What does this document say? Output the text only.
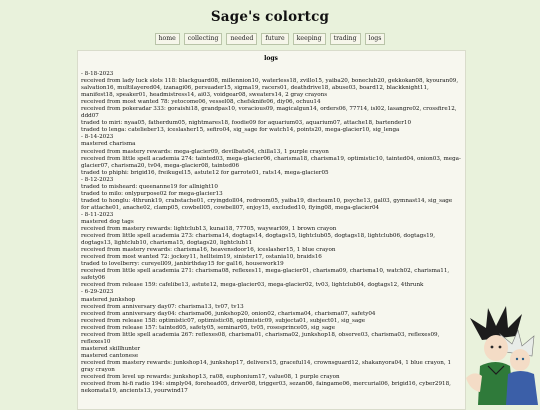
Sage's colortcg
home collecting needed future keeping trading logs
logs
- 8-18-2023
received from lady luck slots 118: blackguard08, millennion10, waterless18, zvillo15, yaiba20, boneclub20, gekkokan08, kyouran09, salvation16, multilayered04, izanagi06, persuader15, sigma19, racers01, deathdrive18, abuse03, board12, blackknight11, manifest18, speaker01, headmistress14, ai03, voidgear08, sweaters14, 2 gray crayons
received from most wanted 78: yetocome06, vessel08, chefsknife06, diy06, ochuu14
received from pokeradar 333: goraishi18, grandpas10, voracious09, magicalgun14, orders06, 77714, isl02, lasangre02, crossfire12, ddd07
traded to miri: nyaa05, fatherdum05, nightmares18, foodie09 for aquarium03, aquarium07, attache18, bartender10
traded to lenga: catelieber13, iceslasher15, sefiro04, sig_sage for watch14, points20, mega-glacier10, sig_lenga
- 8-14-2023
mastered charisma
received from mastery rewards: mega-glacier09, devilbats04, chilla13, 1 purple crayon
received from little spell academia 274: tainted03, mega-glacier06, charisma18, charisma19, optimistic10, tainted04, onion03, mega-glacier07, charisma20, tv04, mega-glacier08, tainted06
traded to phiphi: brigid16, freikugel15, astute12 for garrote01, rats14, mega-glacier05
- 8-12-2023
traded to misheard: queenanne19 for allnight10
traded to milo: onlypurpose02 for mega-glacier13
traded to honglu: 4thrunk19, crabstache01, cryingdoll04, redroom05, yaiba19, discteam10, psyche13, gal03, gymnast14, sig_sage for attache01, anache02, clamp05, cowbell05, cowbell07, enjoy15, excluded10, flying08, mega-glacier04
- 8-11-2023
mastered dog tags
received from mastery rewards: lightclub13, kunai18, 77705, waywarl09, 1 brown crayon
received from little spell academia 273: charisma14, dogtags14, dogtags15, lightclub05, dogtags18, lightclub06, dogtags19, dogtags13, lightclub10, charisma15, dogtags20, lightclub11
received from mastery rewards: charisma16, heavensdoor16, iceslasher15, 1 blue crayon
received from most wanted 72: jockey11, hellteim19, sinister17, ostania10, braids16
traded to lovelberry: cureyell09, janbirthday15 for gal16, housework19
received from little spell academia 271: charisma08, reflexes11, mega-glacier01, charisma09, charisma10, watch02, charisma11, safety06
received from release 159: cafelibe13, astute12, mega-glacier03, mega-glacier02, tv03, lightclub04, dogtags12, 4thrunk
- 6-29-2023
mastered junkshop
received from anniversary day07: charisma13, tv07, tv13
received from anniversary day04: charisma06, junkshop20, onion02, charisma04, charisma07, safety04
received from release 158: optimistic07, optimistic08, optimistic09, subjecta01, subject01, sig_sage
received from release 157: tainted05, safety05, seminar05, tv05, rosesprince05, sig_sage
received from little spell academia 267: reflexes08, charisma01, charisma02, junkshop18, observe03, charisma03, reflexes09, reflexes10
mastered skillhunter
mastered cantonese
received from mastery rewards: junkshop14, junkshop17, delivers15, graceful14, crownsguard12, shakanyora04, 1 blue crayon, 1 gray crayon
received from level up rewards: junkshop13, ra08, euphonium17, value08, 1 purple crayon
received from hi-fi radio 194: simply04, forehead05, driver08, trigger03, sezan06, faingame06, mercurial06, brigid16, cyber2918, nekomata19, ancients13, yourwind17
